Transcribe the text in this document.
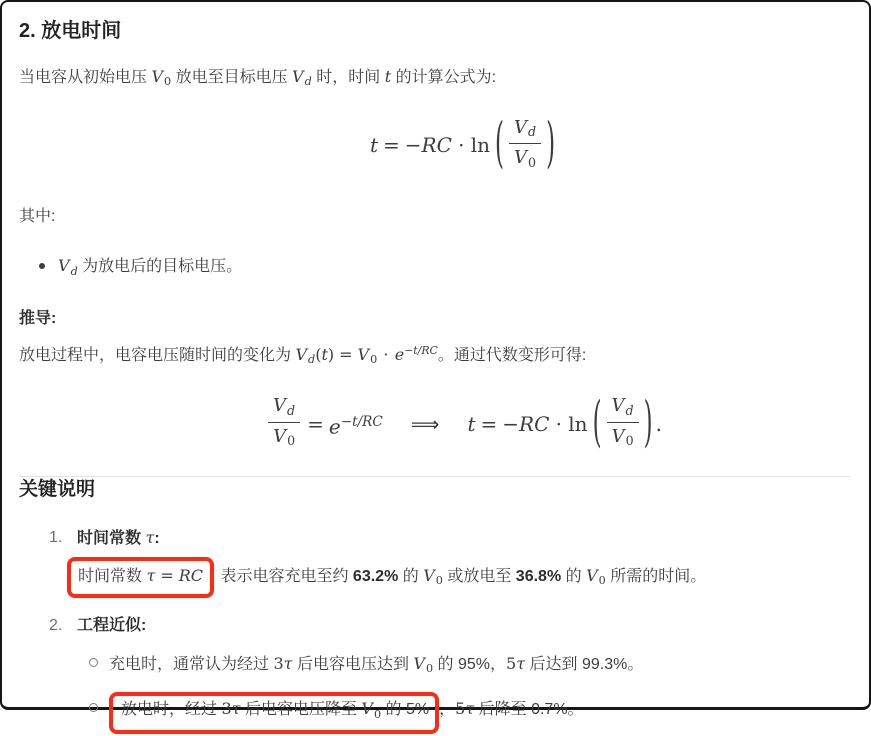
2. 放电时间

当电容从初始电压 $V_0$ 放电至目标电压 $V_d$ 时，时间 t 的计算公式为:

t = − RC ⋅ ln ( $\frac{V_d}{V_0}$ )

其中:

$V_d$ 为放电后的目标电压。

推导:

放电过程中，电容电压随时间的变化为 $V_d(t) = V_0 \cdot e^{-t/RC}$。通过代数变形可得:

$\frac{V_d}{V_0} = e^{-t/RC}$ ⟹ t = − RC ⋅ ln ( $\frac{V_d}{V_0}$ ) .
关键说明
1. 时间常数 τ:
时间常数 τ = RC 表示电容充电至约 63.2% 的 $V_0$ 或放电至 36.8% 的 $V_0$ 所需的时间。
2. 工程近似:
充电时，通常认为经过 3τ 后电容电压达到 $V_0$ 的 95%，5τ 后达到 99.3%。
放电时，经过 3τ 后电容电压降至 $V_0$ 的 5% ，5τ 后降至 0.7%。
